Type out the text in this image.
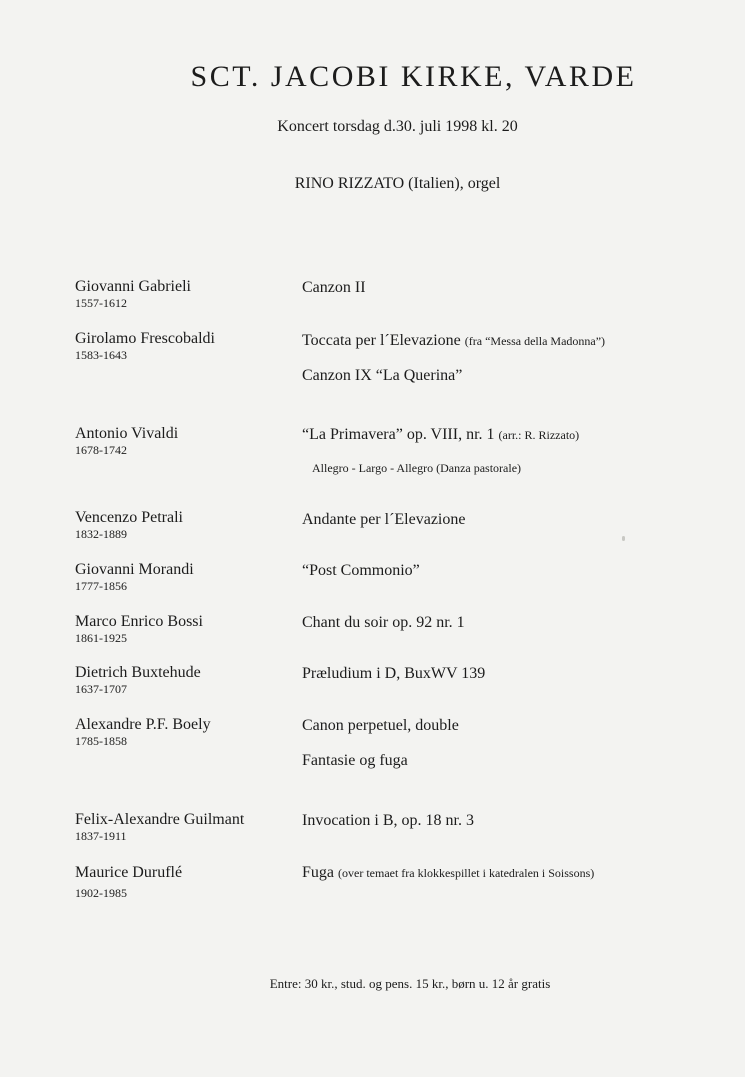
SCT. JACOBI KIRKE, VARDE
Koncert torsdag d.30. juli 1998 kl. 20
RINO RIZZATO (Italien), orgel
Giovanni Gabrieli
1557-1612
Girolamo Frescobaldi
1583-1643
Antonio Vivaldi
1678-1742
Vencenzo Petrali
1832-1889
Giovanni Morandi
1777-1856
Marco Enrico Bossi
1861-1925
Dietrich Buxtehude
1637-1707
Alexandre P.F. Boely
1785-1858
Felix-Alexandre Guilmant
1837-1911
Maurice Duruflé
1902-1985
Canzon II
Toccata per l´Elevazione (fra “Messa della Madonna”)
Canzon IX “La Querina”
“La Primavera” op. VIII, nr. 1 (arr.: R. Rizzato)
Allegro - Largo - Allegro (Danza pastorale)
Andante per l´Elevazione
“Post Commonio”
Chant du soir op. 92 nr. 1
Præludium i D, BuxWV 139
Canon perpetuel, double
Fantasie og fuga
Invocation i B, op. 18 nr. 3
Fuga (over temaet fra klokkespillet i katedralen i Soissons)
Entre: 30 kr., stud. og pens. 15 kr., børn u. 12 år gratis
